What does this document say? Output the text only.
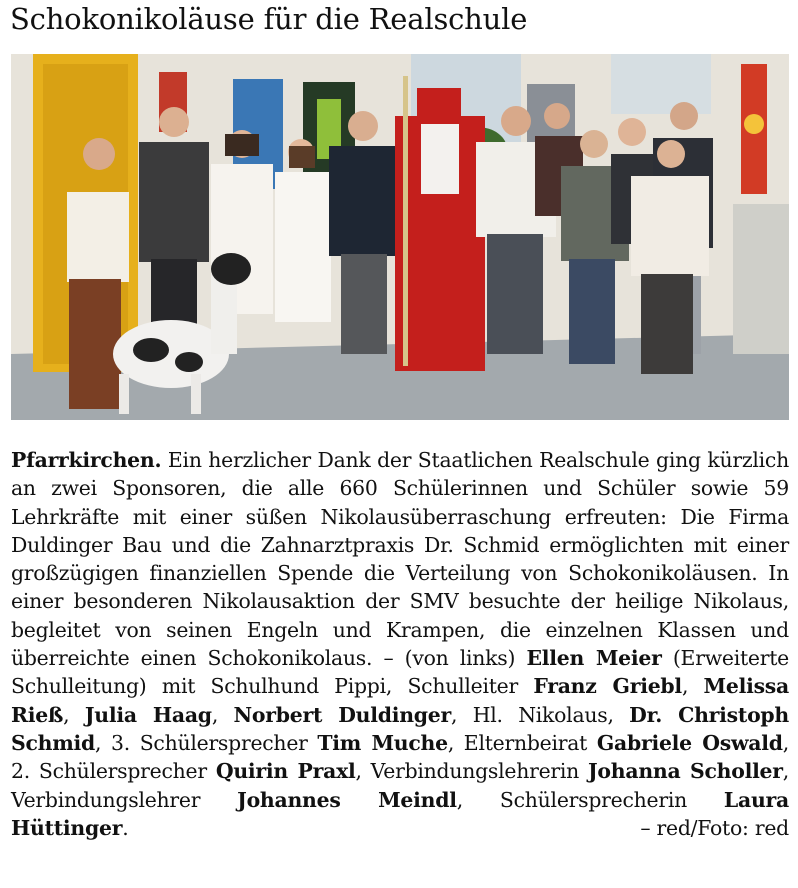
Schokonikoläuse für die Realschule

Pfarrkirchen. Ein herzlicher Dank der Staatlichen Realschule ging kürzlich an zwei Sponsoren, die alle 660 Schülerinnen und Schüler sowie 59 Lehrkräfte mit einer süßen Nikolausüberraschung erfreuten: Die Firma Duldinger Bau und die Zahnarztpraxis Dr. Schmid ermöglichten mit einer großzügigen finanziellen Spende die Verteilung von Schokonikoläusen. In einer besonderen Nikolausaktion der SMV besuchte der heilige Nikolaus, begleitet von seinen Engeln und Krampen, die einzelnen Klassen und überreichte einen Schokonikolaus. – (von links) Ellen Meier (Erweiterte Schulleitung) mit Schulhund Pippi, Schulleiter Franz Griebl, Melissa Rieß, Julia Haag, Norbert Duldinger, Hl. Nikolaus, Dr. Christoph Schmid, 3. Schülersprecher Tim Muche, Elternbeirat Gabriele Oswald, 2. Schülersprecher Quirin Praxl, Verbindungslehrerin Johanna Scholler, Verbindungslehrer Johannes Meindl, Schülersprecherin Laura Hüttinger.	– red/Foto: red
